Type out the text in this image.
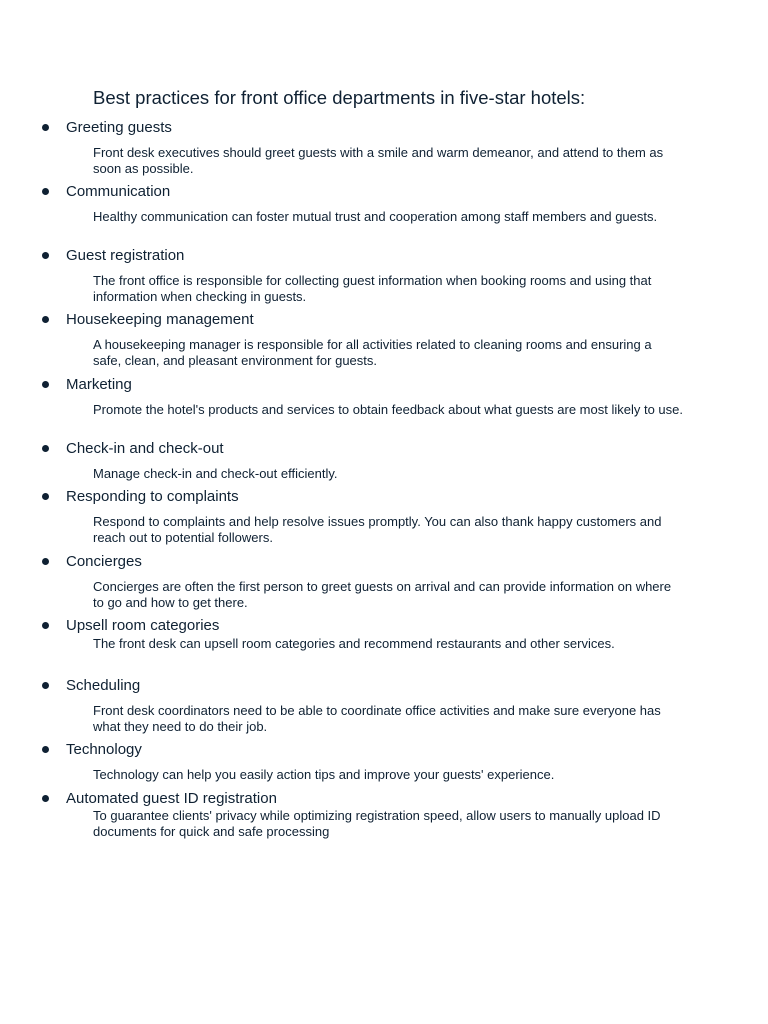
Best practices for front office departments in five-star hotels:
Greeting guests
Front desk executives should greet guests with a smile and warm demeanor, and attend to them as soon as possible.
Communication
Healthy communication can foster mutual trust and cooperation among staff members and guests.
Guest registration
The front office is responsible for collecting guest information when booking rooms and using that information when checking in guests.
Housekeeping management
A housekeeping manager is responsible for all activities related to cleaning rooms and ensuring a safe, clean, and pleasant environment for guests.
Marketing
Promote the hotel's products and services to obtain feedback about what guests are most likely to use.
Check-in and check-out
Manage check-in and check-out efficiently.
Responding to complaints
Respond to complaints and help resolve issues promptly. You can also thank happy customers and reach out to potential followers.
Concierges
Concierges are often the first person to greet guests on arrival and can provide information on where to go and how to get there.
Upsell room categories
The front desk can upsell room categories and recommend restaurants and other services.
Scheduling
Front desk coordinators need to be able to coordinate office activities and make sure everyone has what they need to do their job.
Technology
Technology can help you easily action tips and improve your guests' experience.
Automated guest ID registration
To guarantee clients' privacy while optimizing registration speed, allow users to manually upload ID documents for quick and safe processing
